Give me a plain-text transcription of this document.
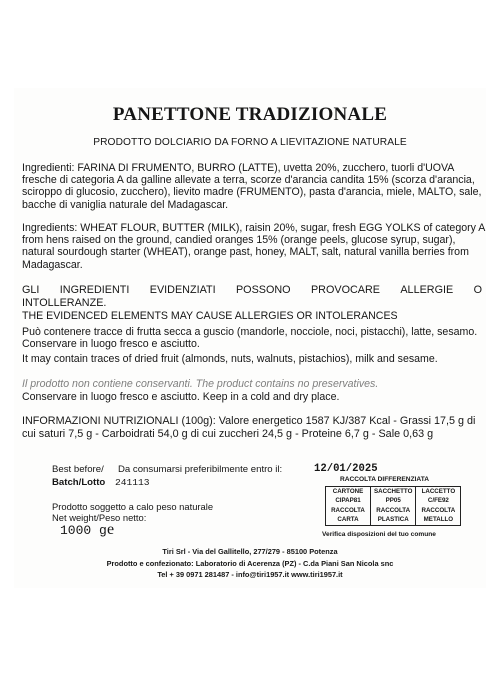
PANETTONE TRADIZIONALE
PRODOTTO DOLCIARIO DA FORNO A LIEVITAZIONE NATURALE

Ingredienti: FARINA DI FRUMENTO, BURRO (LATTE), uvetta 20%, zucchero, tuorli d'UOVA fresche di categoria A da galline allevate a terra, scorze d'arancia candita 15% (scorza d'arancia, sciroppo di glucosio, zucchero), lievito madre (FRUMENTO), pasta d'arancia, miele, MALTO, sale, bacche di vaniglia naturale del Madagascar.

Ingredients: WHEAT FLOUR, BUTTER (MILK), raisin 20%, sugar, fresh EGG YOLKS of category A from hens raised on the ground, candied oranges 15% (orange peels, glucose syrup, sugar), natural sourdough starter (WHEAT), orange past, honey, MALT, salt, natural vanilla berries from Madagascar.

GLI INGREDIENTI EVIDENZIATI POSSONO PROVOCARE ALLERGIE O
INTOLLERANZE.
THE EVIDENCED ELEMENTS MAY CAUSE ALLERGIES OR INTOLERANCES
Può contenere tracce di frutta secca a guscio (mandorle, nocciole, noci, pistacchi), latte, sesamo. Conservare in luogo fresco e asciutto.
It may contain traces of dried fruit (almonds, nuts, walnuts, pistachios), milk and sesame.
Il prodotto non contiene conservanti. The product contains no preservatives.
Conservare in luogo fresco e asciutto. Keep in a cold and dry place.
INFORMAZIONI NUTRIZIONALI (100g): Valore energetico 1587 KJ/387 Kcal - Grassi 17,5 g di cui saturi 7,5 g - Carboidrati 54,0 g di cui zuccheri 24,5 g - Proteine 6,7 g - Sale 0,63 g
Best before/ Da consumarsi preferibilmente entro il:	12/01/2025
Batch/Lotto 241113
Prodotto soggetto a calo peso naturale
Net weight/Peso netto:
1000 g e
RACCOLTA DIFFERENZIATA
CARTONE	SACCHETTO	LACCETTO
CIPAP81	PP05	C/FE92
RACCOLTA	RACCOLTA	RACCOLTA
CARTA	PLASTICA	METALLO
Verifica disposizioni del tuo comune
Tiri Srl - Via del Gallitello, 277/279 - 85100 Potenza
Prodotto e confezionato: Laboratorio di Acerenza (PZ) - C.da Piani San Nicola snc
Tel + 39 0971 281487 - info@tiri1957.it www.tiri1957.it
